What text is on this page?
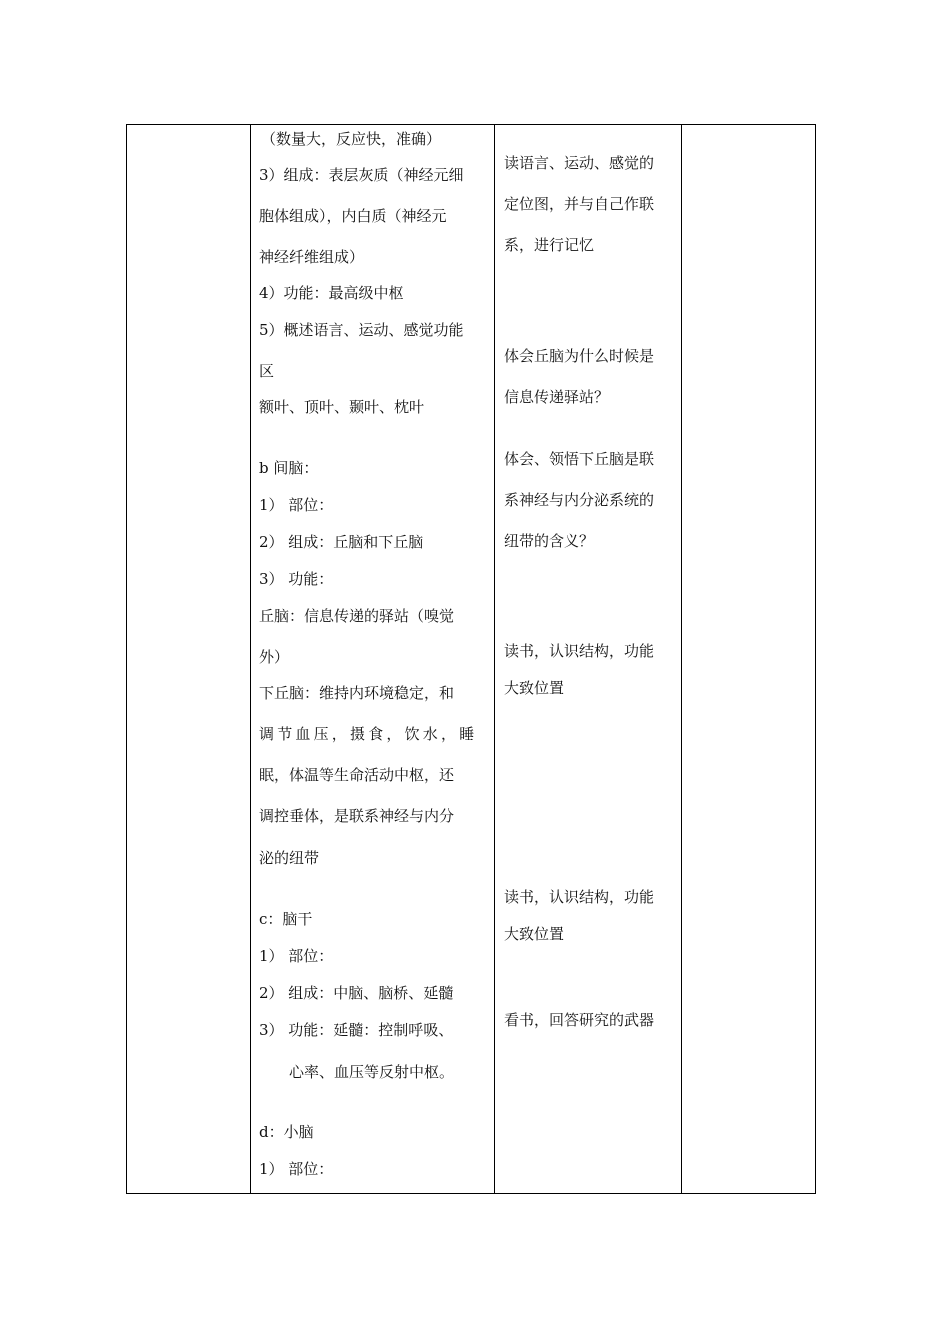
（数量大，反应快，准确）
3）组成：表层灰质（神经元细
胞体组成），内白质（神经元
神经纤维组成）
4）功能：最高级中枢
5）概述语言、运动、感觉功能
区
额叶、顶叶、颞叶、枕叶
b 间脑：
1） 部位：
2） 组成：丘脑和下丘脑
3） 功能：
丘脑：信息传递的驿站（嗅觉
外）
下丘脑：维持内环境稳定，和
调节血压，摄食，饮水，睡
眠，体温等生命活动中枢，还
调控垂体，是联系神经与内分
泌的纽带
c：脑干
1） 部位：
2） 组成：中脑、脑桥、延髓
3） 功能：延髓：控制呼吸、
心率、血压等反射中枢。
d：小脑
1） 部位：

读语言、运动、感觉的
定位图，并与自己作联
系，进行记忆
体会丘脑为什么时候是
信息传递驿站？
体会、领悟下丘脑是联
系神经与内分泌系统的
纽带的含义？
读书，认识结构，功能
大致位置
读书，认识结构，功能
大致位置
看书，回答研究的武器
